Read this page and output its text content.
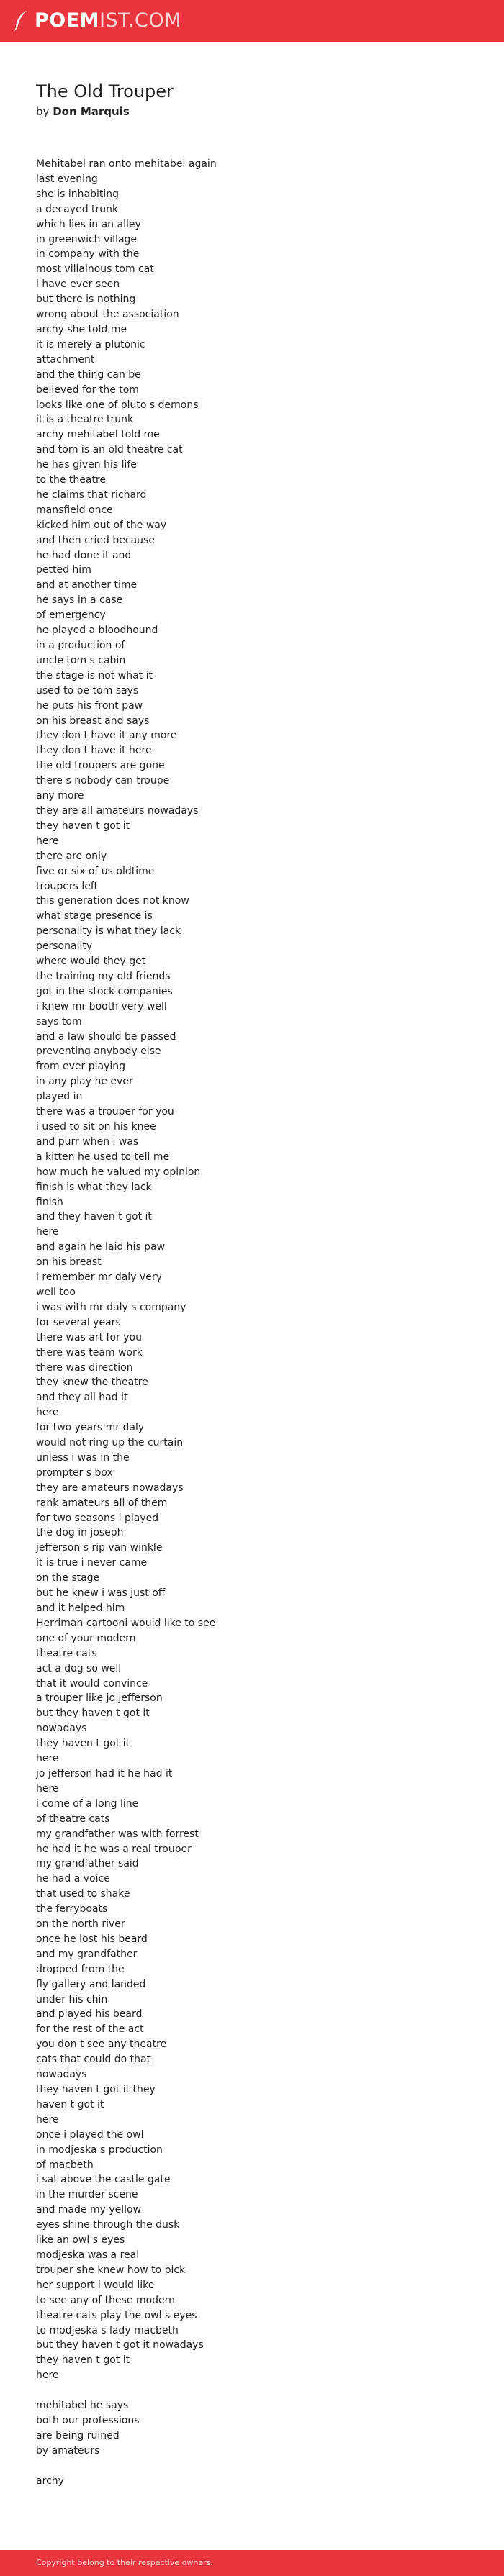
POEMIST.COM
The Old Trouper
by Don Marquis
Mehitabel ran onto mehitabel again
last evening
she is inhabiting
a decayed trunk
which lies in an alley
in greenwich village
in company with the
most villainous tom cat
i have ever seen
but there is nothing
wrong about the association
archy she told me
it is merely a plutonic
attachment
and the thing can be
believed for the tom
looks like one of pluto s demons
it is a theatre trunk
archy mehitabel told me
and tom is an old theatre cat
he has given his life
to the theatre
he claims that richard
mansfield once
kicked him out of the way
and then cried because
he had done it and
petted him
and at another time
he says in a case
of emergency
he played a bloodhound
in a production of
uncle tom s cabin
the stage is not what it
used to be tom says
he puts his front paw
on his breast and says
they don t have it any more
they don t have it here
the old troupers are gone
there s nobody can troupe
any more
they are all amateurs nowadays
they haven t got it
here
there are only
five or six of us oldtime
troupers left
this generation does not know
what stage presence is
personality is what they lack
personality
where would they get
the training my old friends
got in the stock companies
i knew mr booth very well
says tom
and a law should be passed
preventing anybody else
from ever playing
in any play he ever
played in
there was a trouper for you
i used to sit on his knee
and purr when i was
a kitten he used to tell me
how much he valued my opinion
finish is what they lack
finish
and they haven t got it
here
and again he laid his paw
on his breast
i remember mr daly very
well too
i was with mr daly s company
for several years
there was art for you
there was team work
there was direction
they knew the theatre
and they all had it
here
for two years mr daly
would not ring up the curtain
unless i was in the
prompter s box
they are amateurs nowadays
rank amateurs all of them
for two seasons i played
the dog in joseph
jefferson s rip van winkle
it is true i never came
on the stage
but he knew i was just off
and it helped him
Herriman cartooni would like to see
one of your modern
theatre cats
act a dog so well
that it would convince
a trouper like jo jefferson
but they haven t got it
nowadays
they haven t got it
here
jo jefferson had it he had it
here
i come of a long line
of theatre cats
my grandfather was with forrest
he had it he was a real trouper
my grandfather said
he had a voice
that used to shake
the ferryboats
on the north river
once he lost his beard
and my grandfather
dropped from the
fly gallery and landed
under his chin
and played his beard
for the rest of the act
you don t see any theatre
cats that could do that
nowadays
they haven t got it they
haven t got it
here
once i played the owl
in modjeska s production
of macbeth
i sat above the castle gate
in the murder scene
and made my yellow
eyes shine through the dusk
like an owl s eyes
modjeska was a real
trouper she knew how to pick
her support i would like
to see any of these modern
theatre cats play the owl s eyes
to modjeska s lady macbeth
but they haven t got it nowadays
they haven t got it
here

mehitabel he says
both our professions
are being ruined
by amateurs

archy
Copyright belong to their respective owners.
